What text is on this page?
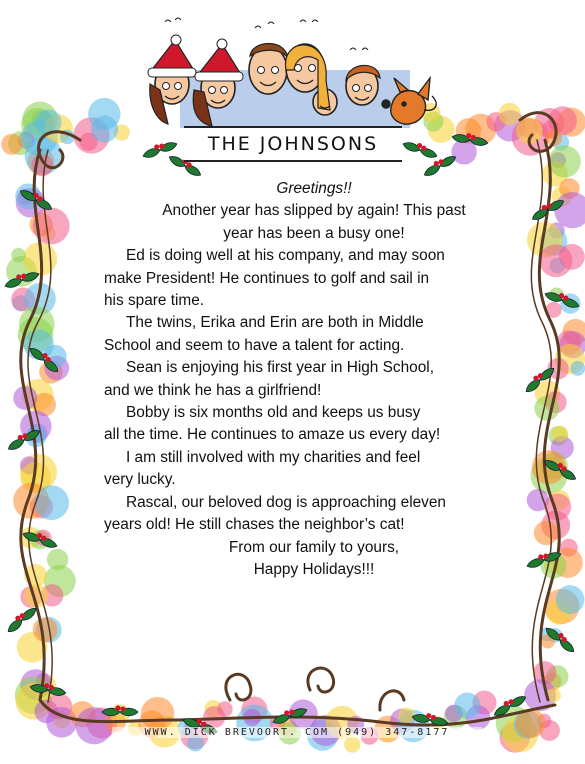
THE JOHNSONS
Greetings!!
Another year has slipped by again! This past
year has been a busy one!
Ed is doing well at his company, and may soon
make President! He continues to golf and sail in
his spare time.
The twins, Erika and Erin are both in Middle
School and seem to have a talent for acting.
Sean is enjoying his first year in High School,
and we think he has a girlfriend!
Bobby is six months old and keeps us busy
all the time. He continues to amaze us every day!
I am still involved with my charities and feel
very lucky.
Rascal, our beloved dog is approaching eleven
years old! He still chases the neighbor’s cat!
From our family to yours,
Happy Holidays!!!
WWW. DICK BREVOORT. COM (949) 347-8177
